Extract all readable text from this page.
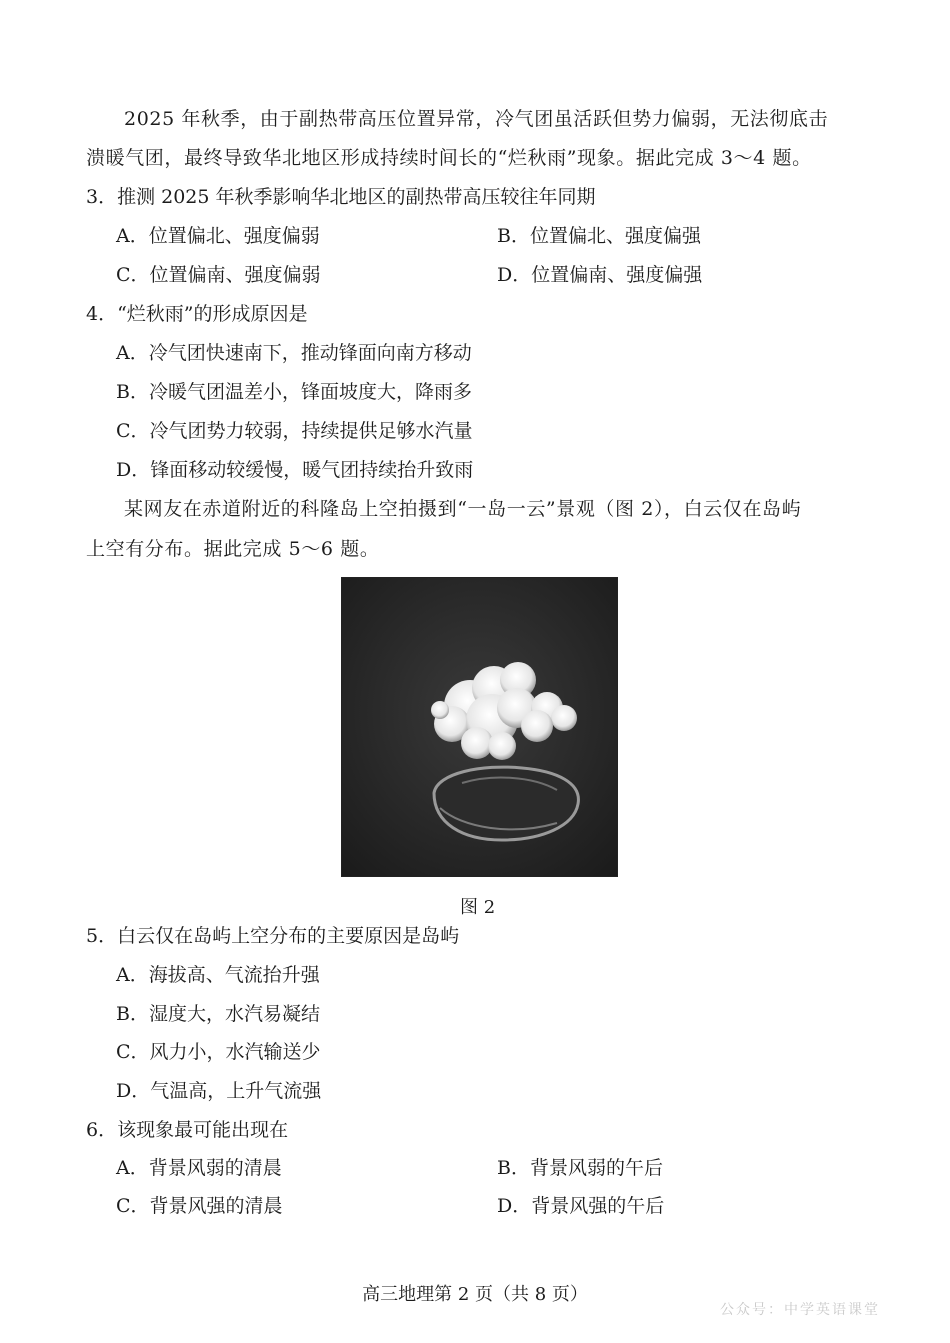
2025 年秋季，由于副热带高压位置异常，冷气团虽活跃但势力偏弱，无法彻底击
溃暖气团，最终导致华北地区形成持续时间长的“烂秋雨”现象。据此完成 3～4 题。
3．推测 2025 年秋季影响华北地区的副热带高压较往年同期
A．位置偏北、强度偏弱	B．位置偏北、强度偏强
C．位置偏南、强度偏弱	D．位置偏南、强度偏强
4．“烂秋雨”的形成原因是
A．冷气团快速南下，推动锋面向南方移动
B．冷暖气团温差小，锋面坡度大，降雨多
C．冷气团势力较弱，持续提供足够水汽量
D．锋面移动较缓慢，暖气团持续抬升致雨
某网友在赤道附近的科隆岛上空拍摄到“一岛一云”景观（图 2），白云仅在岛屿
上空有分布。据此完成 5～6 题。
图 2
5．白云仅在岛屿上空分布的主要原因是岛屿
A．海拔高、气流抬升强
B．湿度大，水汽易凝结
C．风力小，水汽输送少
D．气温高，上升气流强
6．该现象最可能出现在
A．背景风弱的清晨	B．背景风弱的午后
C．背景风强的清晨	D．背景风强的午后
高三地理第 2 页（共 8 页）
公众号：中学英语课堂
